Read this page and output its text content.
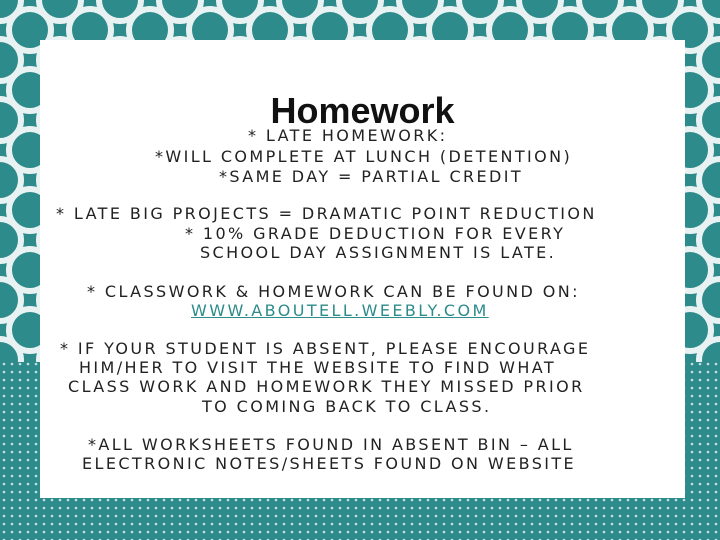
Homework
* LATE HOMEWORK:
*WILL COMPLETE AT LUNCH (DETENTION)
*SAME DAY = PARTIAL CREDIT
* LATE BIG PROJECTS = DRAMATIC POINT REDUCTION
* 10% GRADE DEDUCTION FOR EVERY
SCHOOL DAY ASSIGNMENT IS LATE.
* CLASSWORK & HOMEWORK CAN BE FOUND ON:
WWW.ABOUTELL.WEEBLY.COM
* IF YOUR STUDENT IS ABSENT, PLEASE ENCOURAGE
HIM/HER TO VISIT THE WEBSITE TO FIND WHAT
CLASS WORK AND HOMEWORK THEY MISSED PRIOR
TO COMING BACK TO CLASS.
*ALL WORKSHEETS FOUND IN ABSENT BIN – ALL
ELECTRONIC NOTES/SHEETS FOUND ON WEBSITE
